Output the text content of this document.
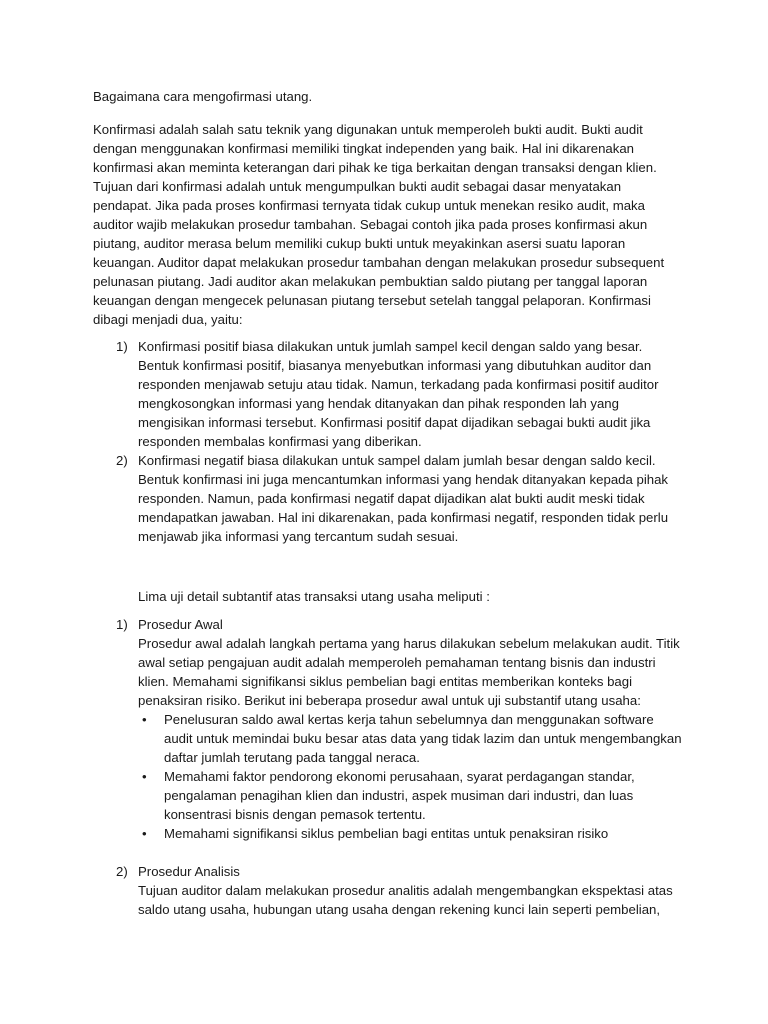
Bagaimana cara mengofirmasi utang.

Konfirmasi adalah salah satu teknik yang digunakan untuk memperoleh bukti audit. Bukti audit

dengan menggunakan konfirmasi memiliki tingkat independen yang baik. Hal ini dikarenakan

konfirmasi akan meminta keterangan dari pihak ke tiga berkaitan dengan transaksi dengan klien.

Tujuan dari konfirmasi adalah untuk mengumpulkan bukti audit sebagai dasar menyatakan

pendapat. Jika pada proses konfirmasi ternyata tidak cukup untuk menekan resiko audit, maka

auditor wajib melakukan prosedur tambahan. Sebagai contoh jika pada proses konfirmasi akun

piutang, auditor merasa belum memiliki cukup bukti untuk meyakinkan asersi suatu laporan

keuangan. Auditor dapat melakukan prosedur tambahan dengan melakukan prosedur subsequent

pelunasan piutang. Jadi auditor akan melakukan pembuktian saldo piutang per tanggal laporan

keuangan dengan mengecek pelunasan piutang tersebut setelah tanggal pelaporan. Konfirmasi

dibagi menjadi dua, yaitu:

1) Konfirmasi positif biasa dilakukan untuk jumlah sampel kecil dengan saldo yang besar.

Bentuk konfirmasi positif, biasanya menyebutkan informasi yang dibutuhkan auditor dan

responden menjawab setuju atau tidak. Namun, terkadang pada konfirmasi positif auditor

mengkosongkan informasi yang hendak ditanyakan dan pihak responden lah yang

mengisikan informasi tersebut. Konfirmasi positif dapat dijadikan sebagai bukti audit jika

responden membalas konfirmasi yang diberikan.

2) Konfirmasi negatif biasa dilakukan untuk sampel dalam jumlah besar dengan saldo kecil.

Bentuk konfirmasi ini juga mencantumkan informasi yang hendak ditanyakan kepada pihak

responden. Namun, pada konfirmasi negatif dapat dijadikan alat bukti audit meski tidak

mendapatkan jawaban. Hal ini dikarenakan, pada konfirmasi negatif, responden tidak perlu

menjawab jika informasi yang tercantum sudah sesuai.

Lima uji detail subtantif atas transaksi utang usaha meliputi :

1) Prosedur Awal

Prosedur awal adalah langkah pertama yang harus dilakukan sebelum melakukan audit. Titik

awal setiap pengajuan audit adalah memperoleh pemahaman tentang bisnis dan industri

klien. Memahami signifikansi siklus pembelian bagi entitas memberikan konteks bagi

penaksiran risiko. Berikut ini beberapa prosedur awal untuk uji substantif utang usaha:

• Penelusuran saldo awal kertas kerja tahun sebelumnya dan menggunakan software

audit untuk memindai buku besar atas data yang tidak lazim dan untuk mengembangkan

daftar jumlah terutang pada tanggal neraca.

• Memahami faktor pendorong ekonomi perusahaan, syarat perdagangan standar,

pengalaman penagihan klien dan industri, aspek musiman dari industri, dan luas

konsentrasi bisnis dengan pemasok tertentu.

• Memahami signifikansi siklus pembelian bagi entitas untuk penaksiran risiko

2) Prosedur Analisis

Tujuan auditor dalam melakukan prosedur analitis adalah mengembangkan ekspektasi atas

saldo utang usaha, hubungan utang usaha dengan rekening kunci lain seperti pembelian,
